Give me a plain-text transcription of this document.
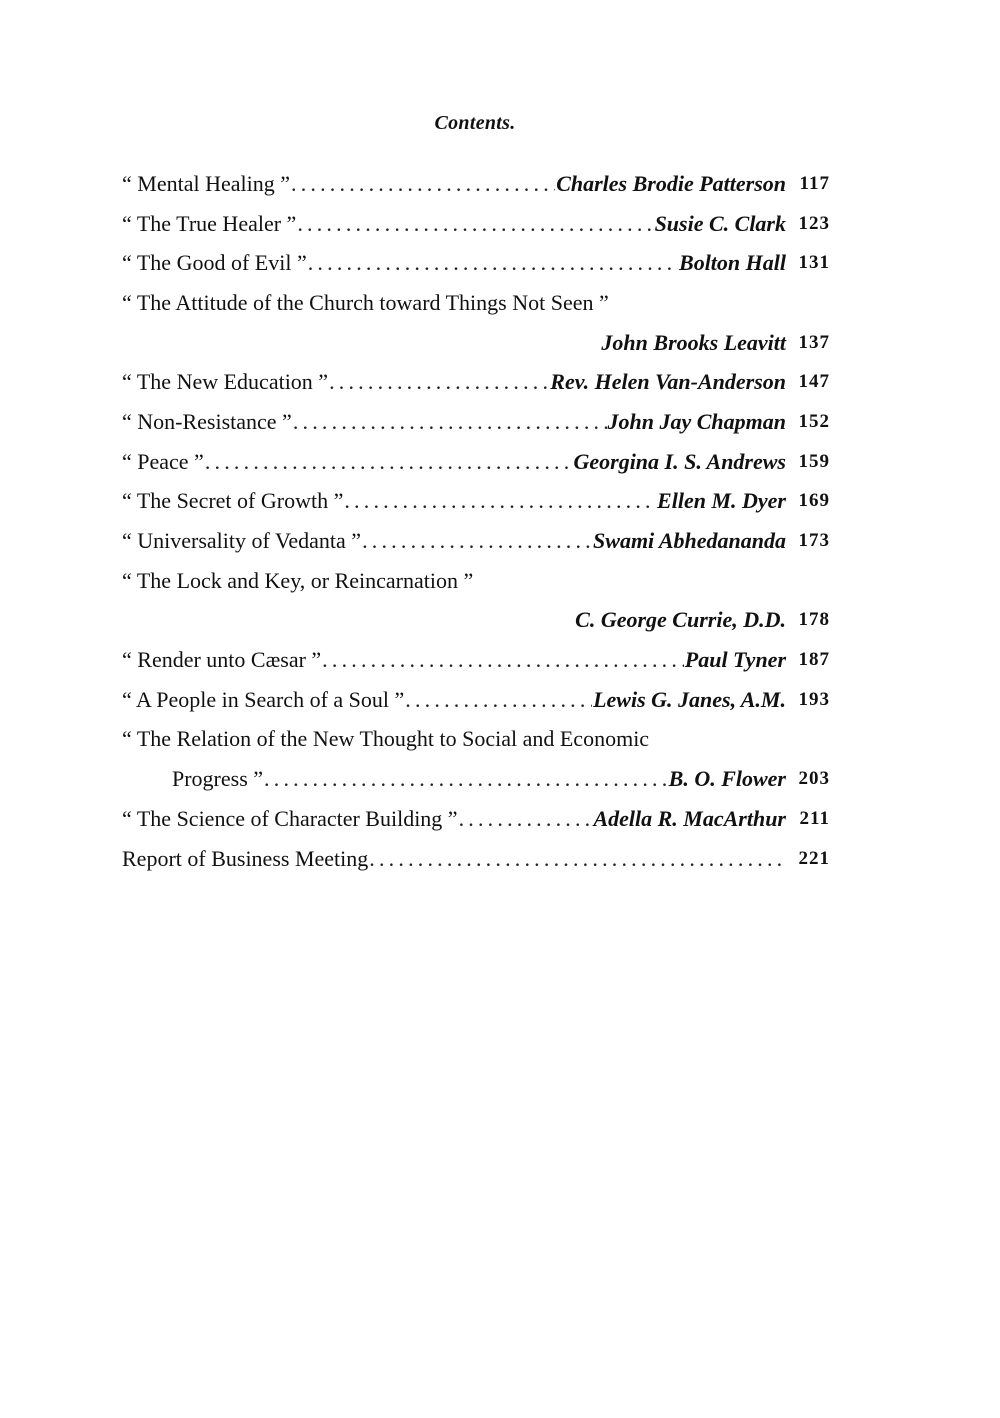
Contents.
“ Mental Healing ” .....	Charles Brodie Patterson 117
“ The True Healer ” .....	Susie C. Clark 123
“ The Good of Evil ” .....	Bolton Hall 131
“ The Attitude of the Church toward Things Not Seen ”
John Brooks Leavitt 137
“ The New Education ” .....	Rev. Helen Van-Anderson 147
“ Non-Resistance ” .....	John Jay Chapman 152
“ Peace ” .....	Georgina I. S. Andrews 159
“ The Secret of Growth ” .....	Ellen M. Dyer 169
“ Universality of Vedanta ” .....	Swami Abhedananda 173
“ The Lock and Key, or Reincarnation ”
C. George Currie, D.D. 178
“ Render unto Cæsar ” .....	Paul Tyner 187
“ A People in Search of a Soul ” .....	Lewis G. Janes, A.M. 193
“ The Relation of the New Thought to Social and Economic
Progress ” .....	B. O. Flower 203
“ The Science of Character Building ” .....	Adella R. MacArthur 211
Report of Business Meeting .....	221
